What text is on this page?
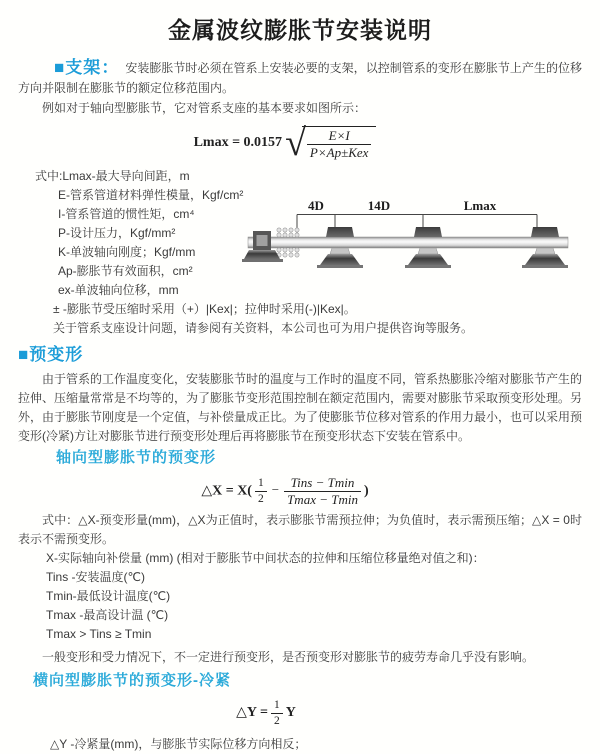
金属波纹膨胀节安装说明

■支架： 安装膨胀节时必须在管系上安装必要的支架，以控制管系的变形在膨胀节上产生的位移方向并限制在膨胀节的额定位移范围内。

例如对于轴向型膨胀节，它对管系支座的基本要求如图所示：

Lmax = 0.0157 √ $\frac{E\times I}{\text{P×Ap±Kex}}$
式中:Lmax-最大导向间距，m
E-管系管道材料弹性模量，Kgf/cm²
I-管系管道的惯性矩，cm⁴
P-设计压力，Kgf/mm²
K-单波轴向刚度；Kgf/mm
Ap-膨胀节有效面积，cm²
ex-单波轴向位移，mm
4D	14D	Lmax
± -膨胀节受压缩时采用（+）|Kex|；拉伸时采用(-)|Kex|。
关于管系支座设计问题，请参阅有关资料，本公司也可为用户提供咨询等服务。
■预变形

由于管系的工作温度变化，安装膨胀节时的温度与工作时的温度不同，管系热膨胀冷缩对膨胀节产生的拉伸、压缩量常常是不均等的，为了膨胀节变形范围控制在额定范围内，需要对膨胀节采取预变形处理。另外，由于膨胀节刚度是一个定值，与补偿量成正比。为了使膨胀节位移对管系的作用力最小，也可以采用预变形(冷紧)方让对膨胀节进行预变形处理后再将膨胀节在预变形状态下安装在管系中。

轴向型膨胀节的预变形
△X = $X( \frac{1}{2} - \frac{\text{Tins − Tmin}}{Tmax - Tmin}$ )

式中：△X-预变形量(mm)，△X为正值时，表示膨胀节需预拉伸；为负值时，表示需预压缩；△X = 0时表示不需预变形。

X-实际轴向补偿量 (mm) (相对于膨胀节中间状态的拉伸和压缩位移量绝对值之和)：
Tins -安装温度(℃)
Tmin-最低设计温度(℃)
Tmax -最高设计温 (℃)
Tmax > Tins ≥ Tmin

一般变形和受力情况下，不一定进行预变形，是否预变形对膨胀节的疲劳寿命几乎没有影响。

横向型膨胀节的预变形-冷紧
△Y = $\frac{1}{2}$ Y
△Y -冷紧量(mm)，与膨胀节实际位移方向相反；
